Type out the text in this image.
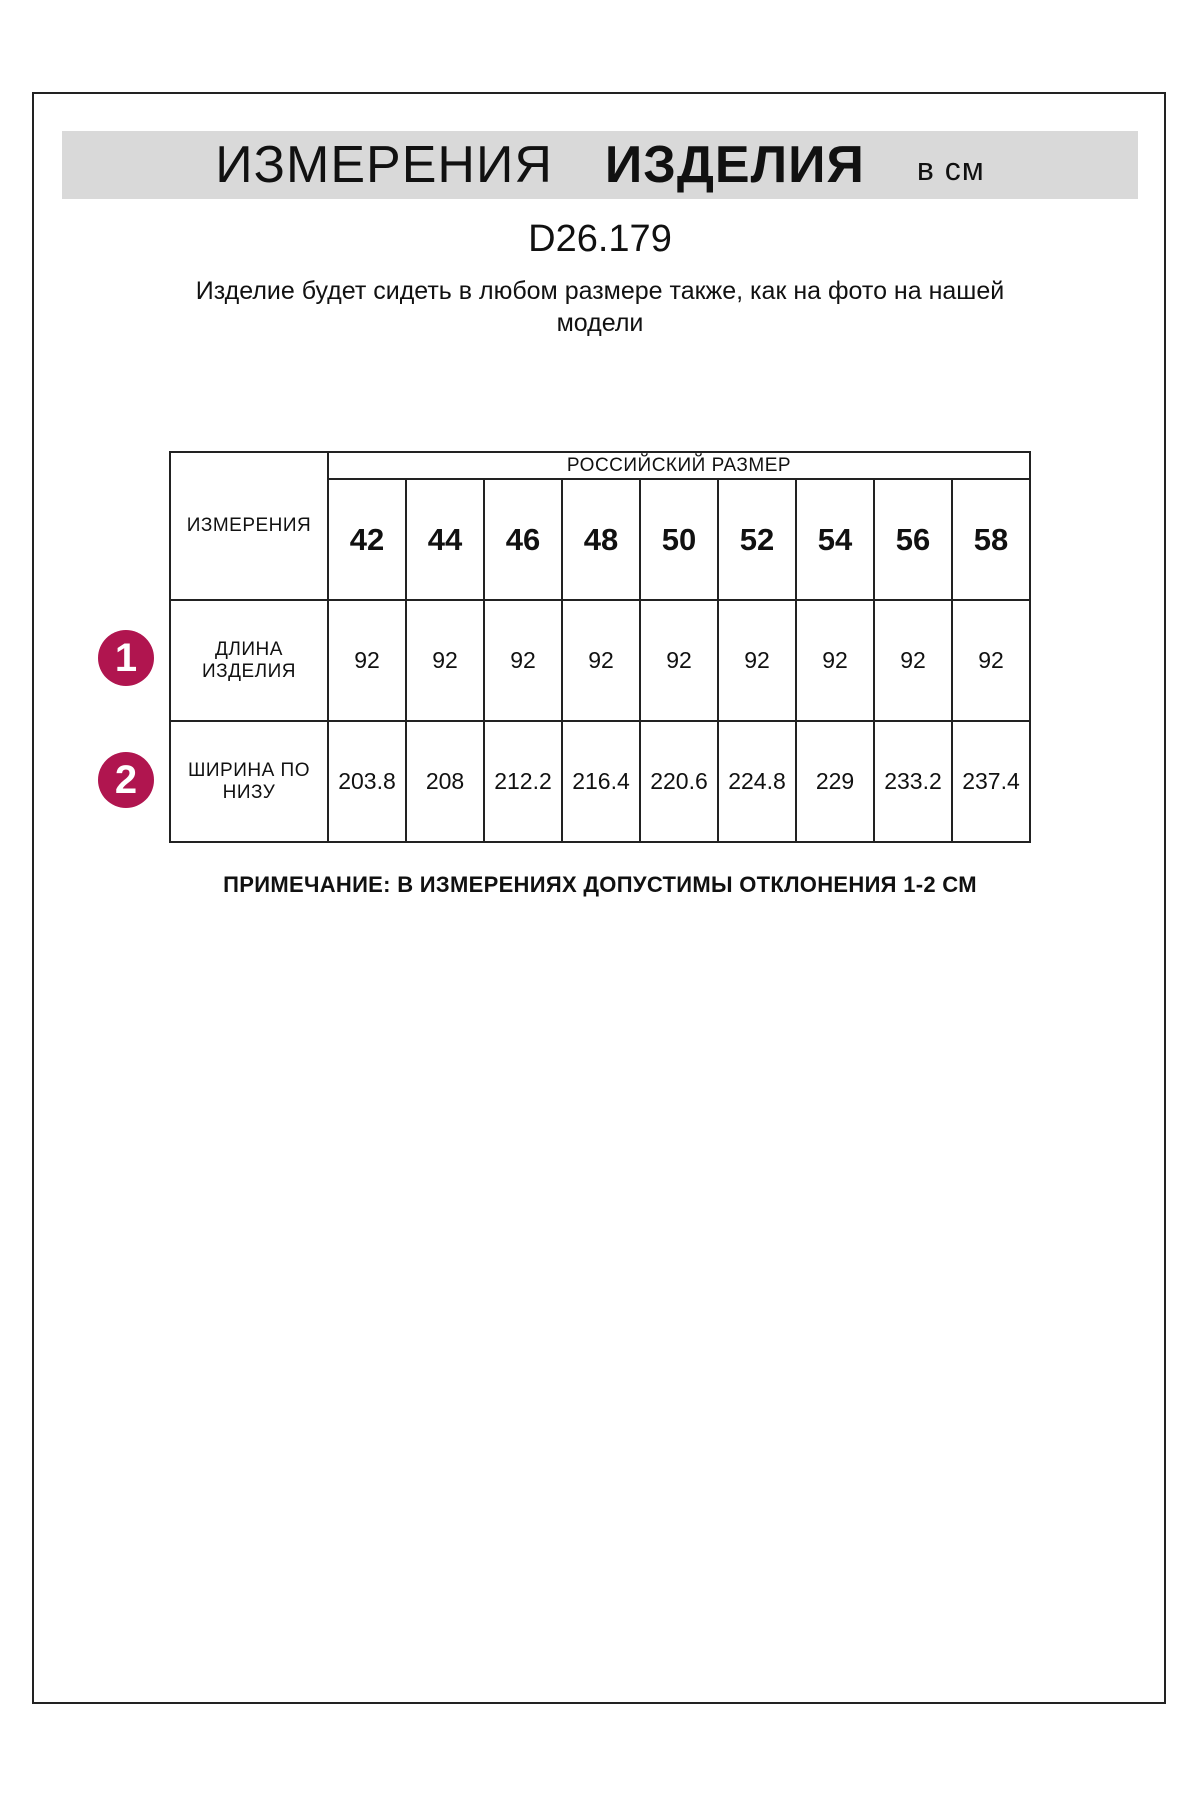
ИЗМЕРЕНИЯ ИЗДЕЛИЯ в см
D26.179
Изделие будет сидеть в любом размере также, как на фото на нашей модели
ИЗМЕРЕНИЯ	РОССИЙСКИЙ РАЗМЕР								
	42	44	46	48	50	52	54	56	58
ДЛИНА ИЗДЕЛИЯ	92	92	92	92	92	92	92	92	92
ШИРИНА ПО НИЗУ	203.8	208	212.2	216.4	220.6	224.8	229	233.2	237.4
1
2
ПРИМЕЧАНИЕ: В ИЗМЕРЕНИЯХ ДОПУСТИМЫ ОТКЛОНЕНИЯ 1-2 СМ
